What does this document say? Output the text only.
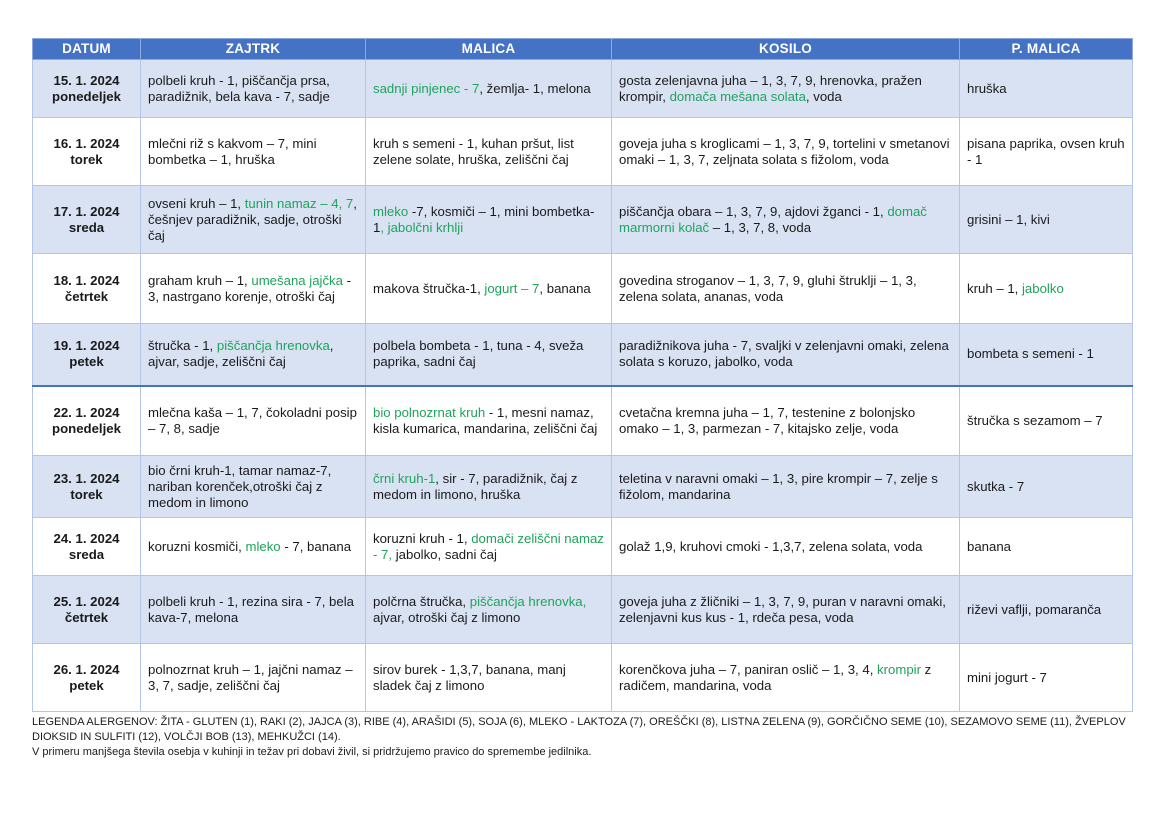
DATUM	ZAJTRK	MALICA	KOSILO	P. MALICA

15. 1. 2024
ponedeljek	polbeli kruh - 1, piščančja prsa, paradižnik, bela kava - 7, sadje	sadnji pinjenec - 7, žemlja- 1, melona	gosta zelenjavna juha – 1, 3, 7, 9, hrenovka, pražen krompir, domača mešana solata, voda	hruška

16. 1. 2024
torek	mlečni riž s kakvom – 7, mini bombetka – 1, hruška	kruh s semeni - 1, kuhan pršut, list zelene solate, hruška, zeliščni čaj	goveja juha s kroglicami – 1, 3, 7, 9, tortelini v smetanovi omaki – 1, 3, 7, zeljnata solata s fižolom, voda	pisana paprika, ovsen kruh - 1

17. 1. 2024
sreda	ovseni kruh – 1, tunin namaz – 4, 7, češnjev paradižnik, sadje, otroški čaj	mleko -7, kosmiči – 1, mini bombetka-1, jabolčni krhlji	piščančja obara – 1, 3, 7, 9, ajdovi žganci - 1, domač marmorni kolač – 1, 3, 7, 8, voda	grisini – 1, kivi

18. 1. 2024
četrtek	graham kruh – 1, umešana jajčka - 3, nastrgano korenje, otroški čaj	makova štručka-1, jogurt – 7, banana	govedina stroganov – 1, 3, 7, 9, gluhi štruklji – 1, 3, zelena solata, ananas, voda	kruh – 1, jabolko

19. 1. 2024
petek	štručka - 1, piščančja hrenovka, ajvar, sadje, zeliščni čaj	polbela bombeta - 1, tuna - 4, sveža paprika, sadni čaj	paradižnikova juha - 7, svaljki v zelenjavni omaki, zelena solata s koruzo, jabolko, voda	bombeta s semeni - 1

22. 1. 2024
ponedeljek	mlečna kaša – 1, 7, čokoladni posip – 7, 8, sadje	bio polnozrnat kruh - 1, mesni namaz, kisla kumarica, mandarina, zeliščni čaj	cvetačna kremna juha – 1, 7, testenine z bolonjsko omako – 1, 3, parmezan - 7, kitajsko zelje, voda	štručka s sezamom – 7

23. 1. 2024
torek	bio črni kruh-1, tamar namaz-7, nariban korenček,otroški čaj z medom in limono	črni kruh-1, sir - 7, paradižnik, čaj z medom in limono, hruška	teletina v naravni omaki – 1, 3, pire krompir – 7, zelje s fižolom, mandarina	skutka - 7

24. 1. 2024
sreda	koruzni kosmiči, mleko - 7, banana	koruzni kruh - 1, domači zeliščni namaz - 7, jabolko, sadni čaj	golaž 1,9, kruhovi cmoki - 1,3,7, zelena solata, voda	banana

25. 1. 2024
četrtek	polbeli kruh - 1, rezina sira - 7, bela kava-7, melona	polčrna štručka, piščančja hrenovka, ajvar, otroški čaj z limono	goveja juha z žličniki – 1, 3, 7, 9, puran v naravni omaki, zelenjavni kus kus - 1, rdeča pesa, voda	riževi vaflji, pomaranča

26. 1. 2024
petek	polnozrnat kruh – 1, jajčni namaz – 3, 7, sadje, zeliščni čaj	sirov burek - 1,3,7, banana, manj sladek čaj z limono	korenčkova juha – 7, paniran oslič – 1, 3, 4, krompir z radičem, mandarina, voda	mini jogurt - 7

LEGENDA ALERGENOV: ŽITA - GLUTEN (1), RAKI (2), JAJCA (3), RIBE (4), ARAŠIDI (5), SOJA (6), MLEKO - LAKTOZA (7), OREŠČKI (8), LISTNA ZELENA (9), GORČIČNO SEME (10), SEZAMOVO SEME (11), ŽVEPLOV DIOKSID IN SULFITI (12), VOLČJI BOB (13), MEHKUŽCI (14).

V primeru manjšega števila osebja v kuhinji in težav pri dobavi živil, si pridržujemo pravico do spremembe jedilnika.
